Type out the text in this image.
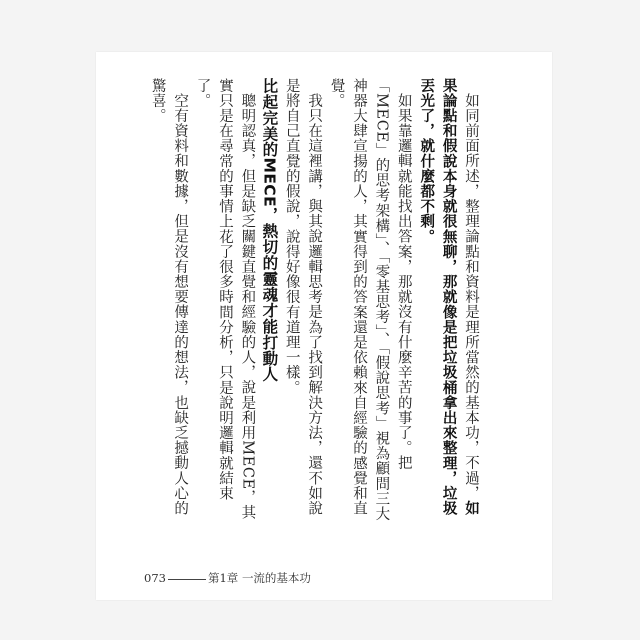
如同前面所述，整理論點和資料是理所當然的基本功，不過，如果論點和假說本身就很無聊，那就像是把垃圾桶拿出來整理，垃圾丟光了，就什麼都不剩。

如果靠邏輯就能找出答案，那就沒有什麼辛苦的事了。把「MECE」的思考架構」、「零基思考」、「假說思考」視為顧問三大神器大肆宣揚的人，其實得到的答案還是依賴來自經驗的感覺和直覺。

我只在這裡講，與其說邏輯思考是為了找到解決方法，還不如說是將自己直覺的假說，說得好像很有道理一樣。

比起完美的MECE，熱切的靈魂才能打動人

聰明認真，但是缺乏關鍵直覺和經驗的人，說是利用MECE，其實只是在尋常的事情上花了很多時間分析，只是說明邏輯就結束了。

空有資料和數據，但是沒有想要傳達的想法，也缺乏撼動人心的驚喜。

073	第1章 一流的基本功
